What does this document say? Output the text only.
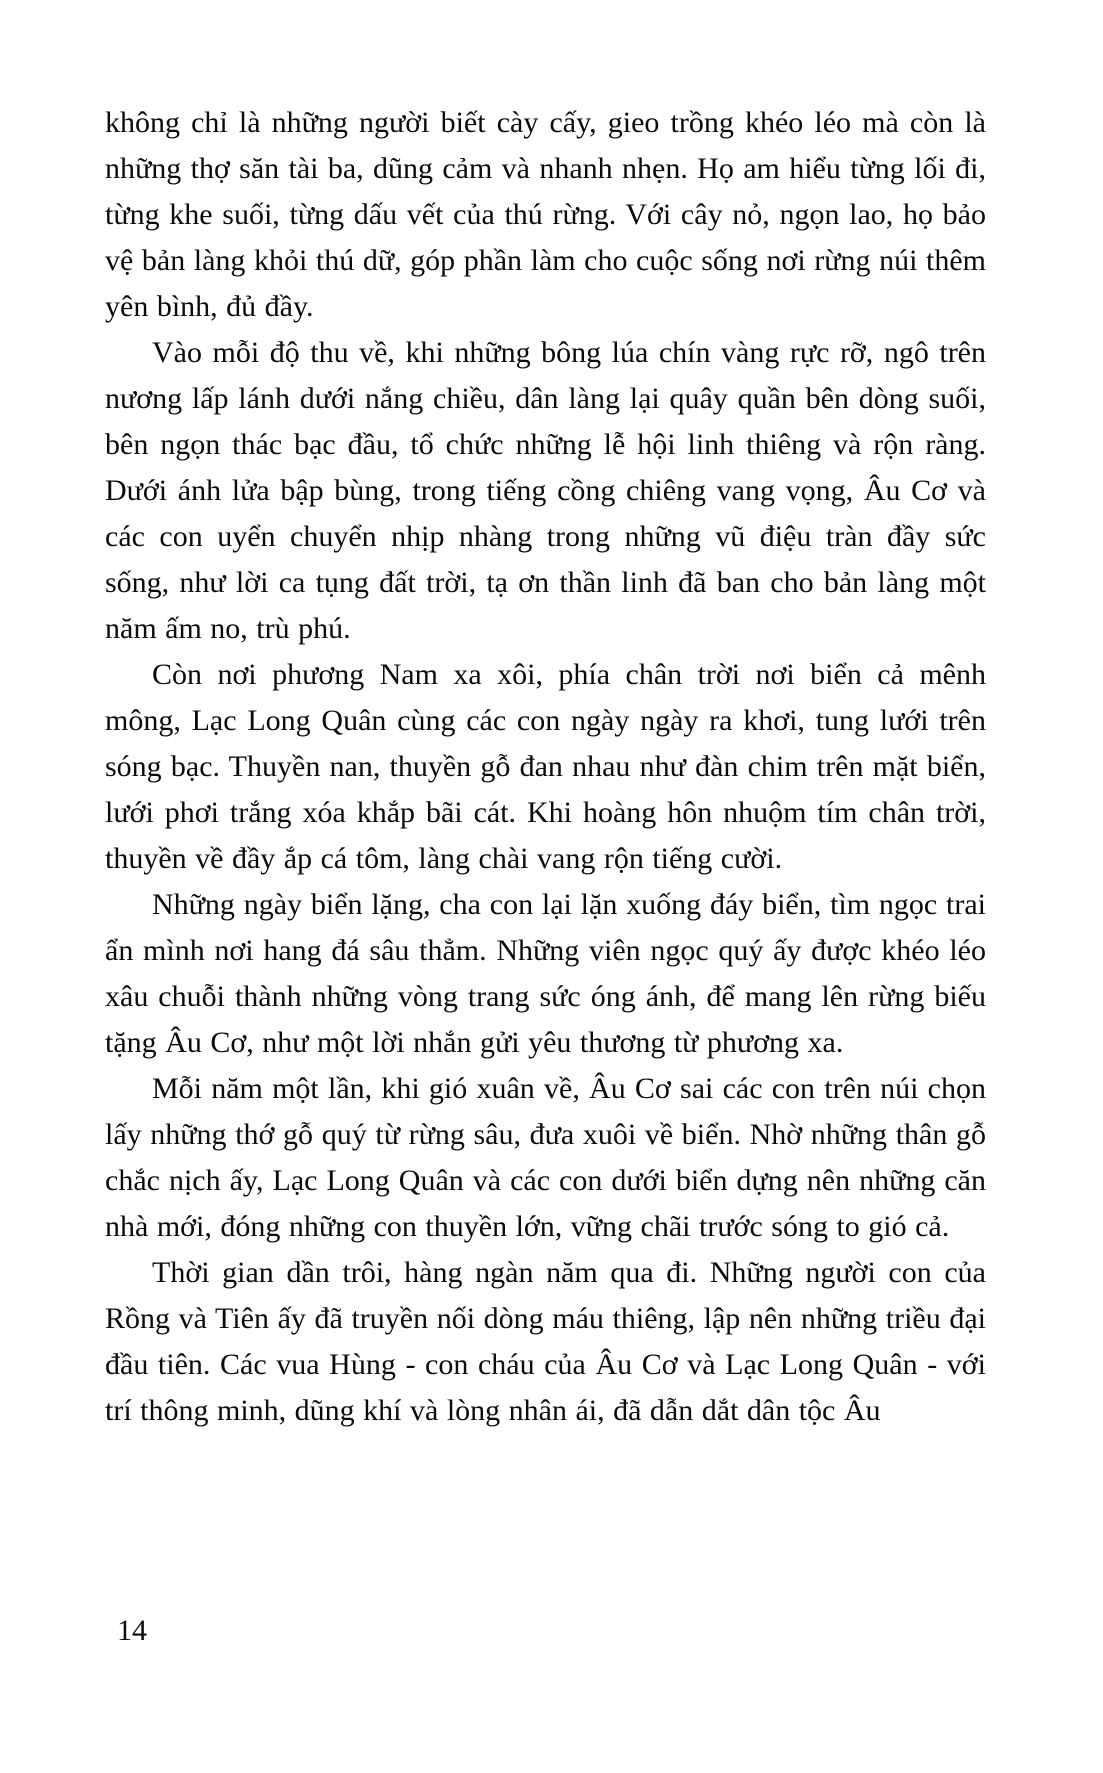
không chỉ là những người biết cày cấy, gieo trồng khéo léo mà còn là những thợ săn tài ba, dũng cảm và nhanh nhẹn. Họ am hiểu từng lối đi, từng khe suối, từng dấu vết của thú rừng. Với cây nỏ, ngọn lao, họ bảo vệ bản làng khỏi thú dữ, góp phần làm cho cuộc sống nơi rừng núi thêm yên bình, đủ đầy.

Vào mỗi độ thu về, khi những bông lúa chín vàng rực rỡ, ngô trên nương lấp lánh dưới nắng chiều, dân làng lại quây quần bên dòng suối, bên ngọn thác bạc đầu, tổ chức những lễ hội linh thiêng và rộn ràng. Dưới ánh lửa bập bùng, trong tiếng cồng chiêng vang vọng, Âu Cơ và các con uyển chuyển nhịp nhàng trong những vũ điệu tràn đầy sức sống, như lời ca tụng đất trời, tạ ơn thần linh đã ban cho bản làng một năm ấm no, trù phú.

Còn nơi phương Nam xa xôi, phía chân trời nơi biển cả mênh mông, Lạc Long Quân cùng các con ngày ngày ra khơi, tung lưới trên sóng bạc. Thuyền nan, thuyền gỗ đan nhau như đàn chim trên mặt biển, lưới phơi trắng xóa khắp bãi cát. Khi hoàng hôn nhuộm tím chân trời, thuyền về đầy ắp cá tôm, làng chài vang rộn tiếng cười.

Những ngày biển lặng, cha con lại lặn xuống đáy biển, tìm ngọc trai ẩn mình nơi hang đá sâu thẳm. Những viên ngọc quý ấy được khéo léo xâu chuỗi thành những vòng trang sức óng ánh, để mang lên rừng biếu tặng Âu Cơ, như một lời nhắn gửi yêu thương từ phương xa.

Mỗi năm một lần, khi gió xuân về, Âu Cơ sai các con trên núi chọn lấy những thớ gỗ quý từ rừng sâu, đưa xuôi về biển. Nhờ những thân gỗ chắc nịch ấy, Lạc Long Quân và các con dưới biển dựng nên những căn nhà mới, đóng những con thuyền lớn, vững chãi trước sóng to gió cả.

Thời gian dần trôi, hàng ngàn năm qua đi. Những người con của Rồng và Tiên ấy đã truyền nối dòng máu thiêng, lập nên những triều đại đầu tiên. Các vua Hùng - con cháu của Âu Cơ và Lạc Long Quân - với trí thông minh, dũng khí và lòng nhân ái, đã dẫn dắt dân tộc Âu

14
